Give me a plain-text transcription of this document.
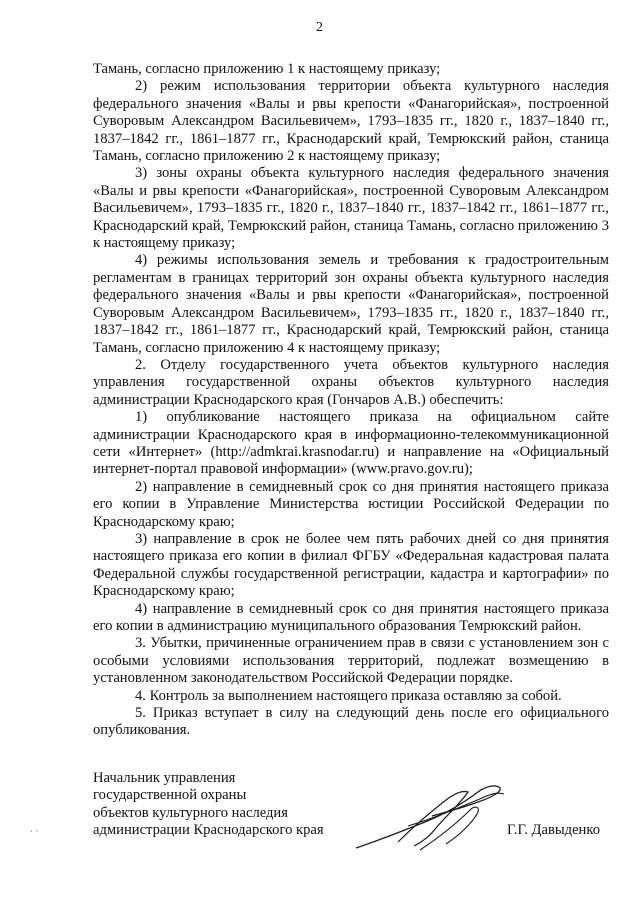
2

Тамань, согласно приложению 1 к настоящему приказу;

2) режим использования территории объекта культурного наследия федерального значения «Валы и рвы крепости «Фанагорийская», построенной Суворовым Александром Васильевичем», 1793–1835 гг., 1820 г., 1837–1840 гг., 1837–1842 гг., 1861–1877 гг., Краснодарский край, Темрюкский район, станица Тамань, согласно приложению 2 к настоящему приказу;

3) зоны охраны объекта культурного наследия федерального значения «Валы и рвы крепости «Фанагорийская», построенной Суворовым Александром Васильевичем», 1793–1835 гг., 1820 г., 1837–1840 гг., 1837–1842 гг., 1861–1877 гг., Краснодарский край, Темрюкский район, станица Тамань, согласно приложению 3 к настоящему приказу;

4) режимы использования земель и требования к градостроительным регламентам в границах территорий зон охраны объекта культурного наследия федерального значения «Валы и рвы крепости «Фанагорийская», построенной Суворовым Александром Васильевичем», 1793–1835 гг., 1820 г., 1837–1840 гг., 1837–1842 гг., 1861–1877 гг., Краснодарский край, Темрюкский район, станица Тамань, согласно приложению 4 к настоящему приказу;

2. Отделу государственного учета объектов культурного наследия управления государственной охраны объектов культурного наследия администрации Краснодарского края (Гончаров А.В.) обеспечить:

1) опубликование настоящего приказа на официальном сайте администрации Краснодарского края в информационно-телекоммуникационной сети «Интернет» (http://admkrai.krasnodar.ru) и направление на «Официальный интернет-портал правовой информации» (www.pravo.gov.ru);

2) направление в семидневный срок со дня принятия настоящего приказа его копии в Управление Министерства юстиции Российской Федерации по Краснодарскому краю;

3) направление в срок не более чем пять рабочих дней со дня принятия настоящего приказа его копии в филиал ФГБУ «Федеральная кадастровая палата Федеральной службы государственной регистрации, кадастра и картографии» по Краснодарскому краю;

4) направление в семидневный срок со дня принятия настоящего приказа его копии в администрацию муниципального образования Темрюкский район.

3. Убытки, причиненные ограничением прав в связи с установлением зон с особыми условиями использования территорий, подлежат возмещению в установленном законодательством Российской Федерации порядке.

4. Контроль за выполнением настоящего приказа оставляю за собой.

5. Приказ вступает в силу на следующий день после его официального опубликования.

Начальник управления
государственной охраны
объектов культурного наследия
администрации Краснодарского края	Г.Г. Давыденко
· ·
